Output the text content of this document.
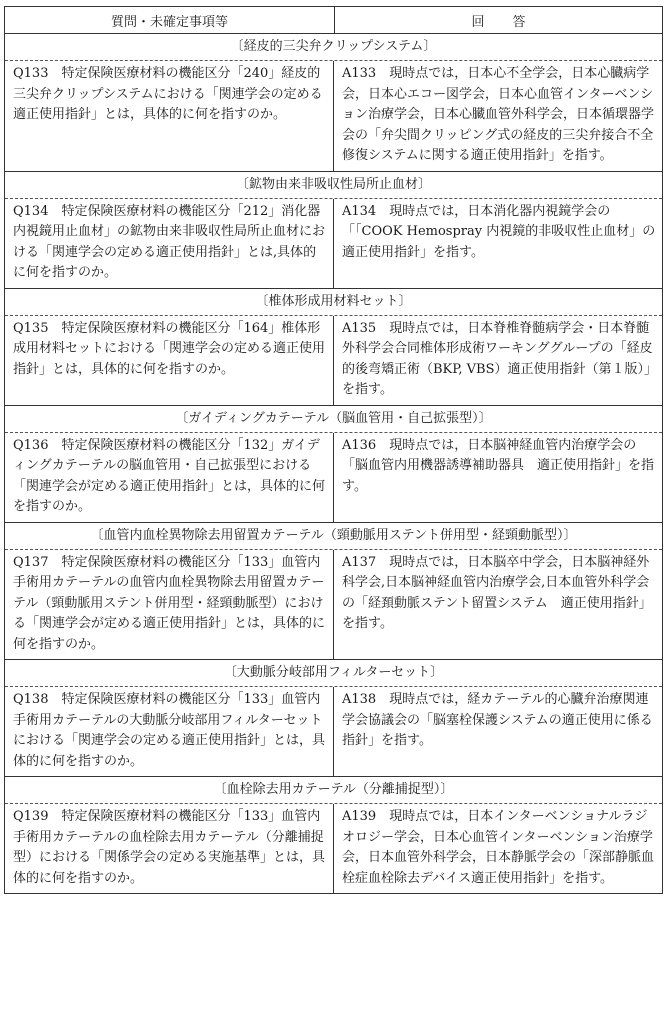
質問・未確定事項等	回答
〔経皮的三尖弁クリップシステム〕

Q133　特定保険医療材料の機能区分「240」経皮的三尖弁クリップシステムにおける「関連学会の定める適正使用指針」とは，具体的に何を指すのか。

A133　現時点では，日本心不全学会，日本心臓病学会，日本心エコー図学会，日本心血管インターベンション治療学会，日本心臓血管外科学会，日本循環器学会の「弁尖間クリッピング式の経皮的三尖弁接合不全修復システムに関する適正使用指針」を指す。

〔鉱物由来非吸収性局所止血材〕

Q134　特定保険医療材料の機能区分「212」消化器内視鏡用止血材」の鉱物由来非吸収性局所止血材における「関連学会の定める適正使用指針」とは,具体的に何を指すのか。

A134　現時点では，日本消化器内視鏡学会の「「COOK Hemospray 内視鏡的非吸収性止血材」の適正使用指針」を指す。

〔椎体形成用材料セット〕

Q135　特定保険医療材料の機能区分「164」椎体形成用材料セットにおける「関連学会の定める適正使用指針」とは，具体的に何を指すのか。

A135　現時点では，日本脊椎脊髄病学会・日本脊髄外科学会合同椎体形成術ワーキンググループの「経皮的後弯矯正術（BKP, VBS）適正使用指針（第１版）」を指す。

〔ガイディングカテーテル（脳血管用・自己拡張型）〕

Q136　特定保険医療材料の機能区分「132」ガイディングカテーテルの脳血管用・自己拡張型における「関連学会が定める適正使用指針」とは，具体的に何を指すのか。

A136　現時点では，日本脳神経血管内治療学会の「脳血管内用機器誘導補助器具　適正使用指針」を指す。

〔血管内血栓異物除去用留置カテーテル（頸動脈用ステント併用型・経頸動脈型）〕

Q137　特定保険医療材料の機能区分「133」血管内手術用カテーテルの血管内血栓異物除去用留置カテーテル（頸動脈用ステント併用型・経頸動脈型）における「関連学会が定める適正使用指針」とは，具体的に何を指すのか。

A137　現時点では，日本脳卒中学会，日本脳神経外科学会,日本脳神経血管内治療学会,日本血管外科学会の「経頚動脈ステント留置システム　適正使用指針」を指す。

〔大動脈分岐部用フィルターセット〕

Q138　特定保険医療材料の機能区分「133」血管内手術用カテーテルの大動脈分岐部用フィルターセットにおける「関連学会の定める適正使用指針」とは，具体的に何を指すのか。

A138　現時点では，経カテーテル的心臓弁治療関連学会協議会の「脳塞栓保護システムの適正使用に係る指針」を指す。

〔血栓除去用カテーテル（分離捕捉型）〕

Q139　特定保険医療材料の機能区分「133」血管内手術用カテーテルの血栓除去用カテーテル（分離捕捉型）における「関係学会の定める実施基準」とは，具体的に何を指すのか。

A139　現時点では，日本インターベンショナルラジオロジー学会，日本心血管インターベンション治療学会，日本血管外科学会，日本静脈学会の「深部静脈血栓症血栓除去デバイス適正使用指針」を指す。
